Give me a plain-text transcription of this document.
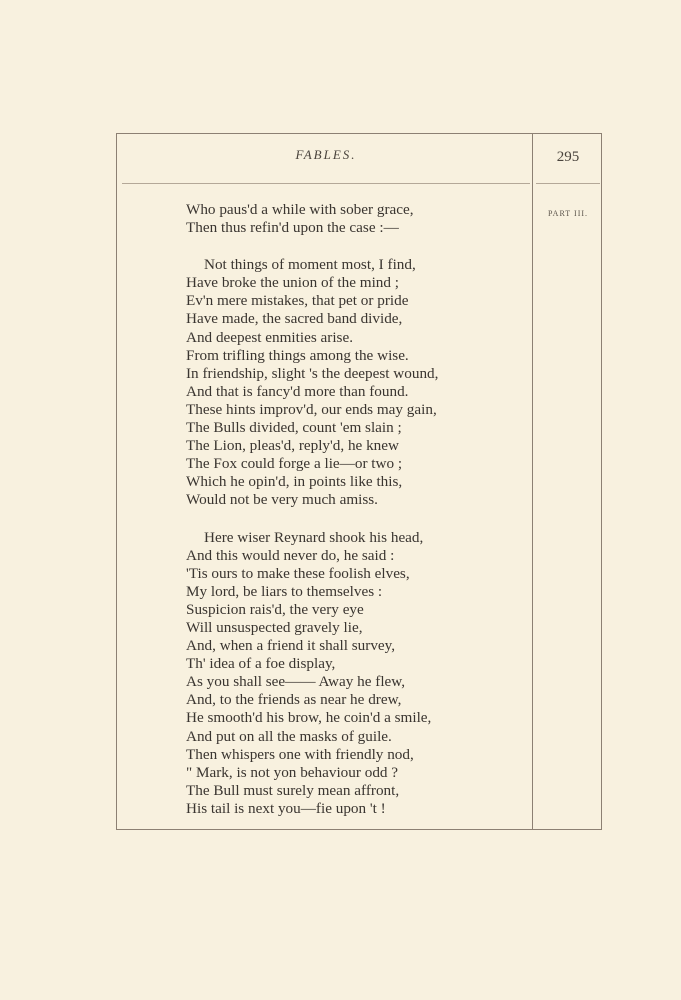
FABLES.	295
PART III.
Who paus'd a while with sober grace,
Then thus refin'd upon the case :—
Not things of moment most, I find,
Have broke the union of the mind ;
Ev'n mere mistakes, that pet or pride
Have made, the sacred band divide,
And deepest enmities arise.
From trifling things among the wise.
In friendship, slight 's the deepest wound,
And that is fancy'd more than found.
These hints improv'd, our ends may gain,
The Bulls divided, count 'em slain ;
The Lion, pleas'd, reply'd, he knew
The Fox could forge a lie—or two ;
Which he opin'd, in points like this,
Would not be very much amiss.
Here wiser Reynard shook his head,
And this would never do, he said :
'Tis ours to make these foolish elves,
My lord, be liars to themselves :
Suspicion rais'd, the very eye
Will unsuspected gravely lie,
And, when a friend it shall survey,
Th' idea of a foe display,
As you shall see—— Away he flew,
And, to the friends as near he drew,
He smooth'd his brow, he coin'd a smile,
And put on all the masks of guile.
Then whispers one with friendly nod,
" Mark, is not yon behaviour odd ?
The Bull must surely mean affront,
His tail is next you—fie upon 't !
